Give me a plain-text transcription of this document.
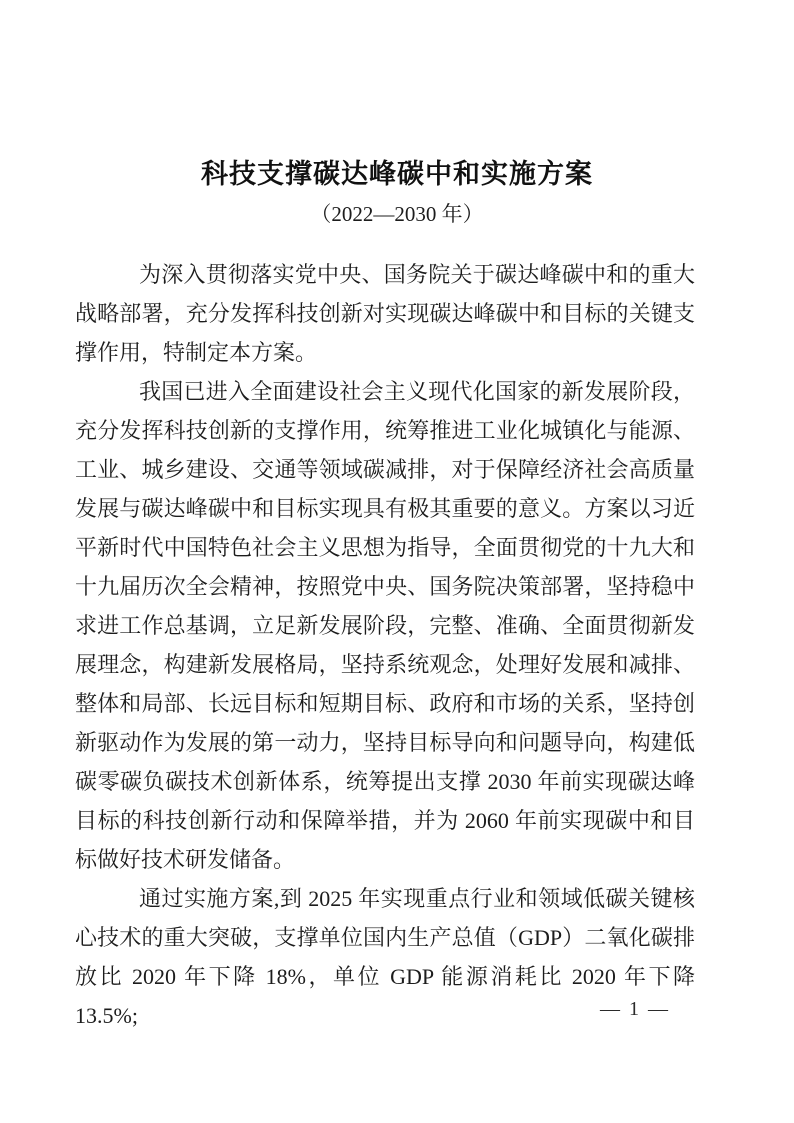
科技支撑碳达峰碳中和实施方案
（2022—2030 年）

为深入贯彻落实党中央、国务院关于碳达峰碳中和的重大战略部署，充分发挥科技创新对实现碳达峰碳中和目标的关键支撑作用，特制定本方案。

我国已进入全面建设社会主义现代化国家的新发展阶段，充分发挥科技创新的支撑作用，统筹推进工业化城镇化与能源、工业、城乡建设、交通等领域碳减排，对于保障经济社会高质量发展与碳达峰碳中和目标实现具有极其重要的意义。方案以习近平新时代中国特色社会主义思想为指导，全面贯彻党的十九大和十九届历次全会精神，按照党中央、国务院决策部署，坚持稳中求进工作总基调，立足新发展阶段，完整、准确、全面贯彻新发展理念，构建新发展格局，坚持系统观念，处理好发展和减排、整体和局部、长远目标和短期目标、政府和市场的关系，坚持创新驱动作为发展的第一动力，坚持目标导向和问题导向，构建低碳零碳负碳技术创新体系，统筹提出支撑 2030 年前实现碳达峰目标的科技创新行动和保障举措，并为 2060 年前实现碳中和目标做好技术研发储备。

通过实施方案,到 2025 年实现重点行业和领域低碳关键核心技术的重大突破，支撑单位国内生产总值（GDP）二氧化碳排放比 2020 年下降 18%，单位 GDP 能源消耗比 2020 年下降 13.5%;	— 1 —
